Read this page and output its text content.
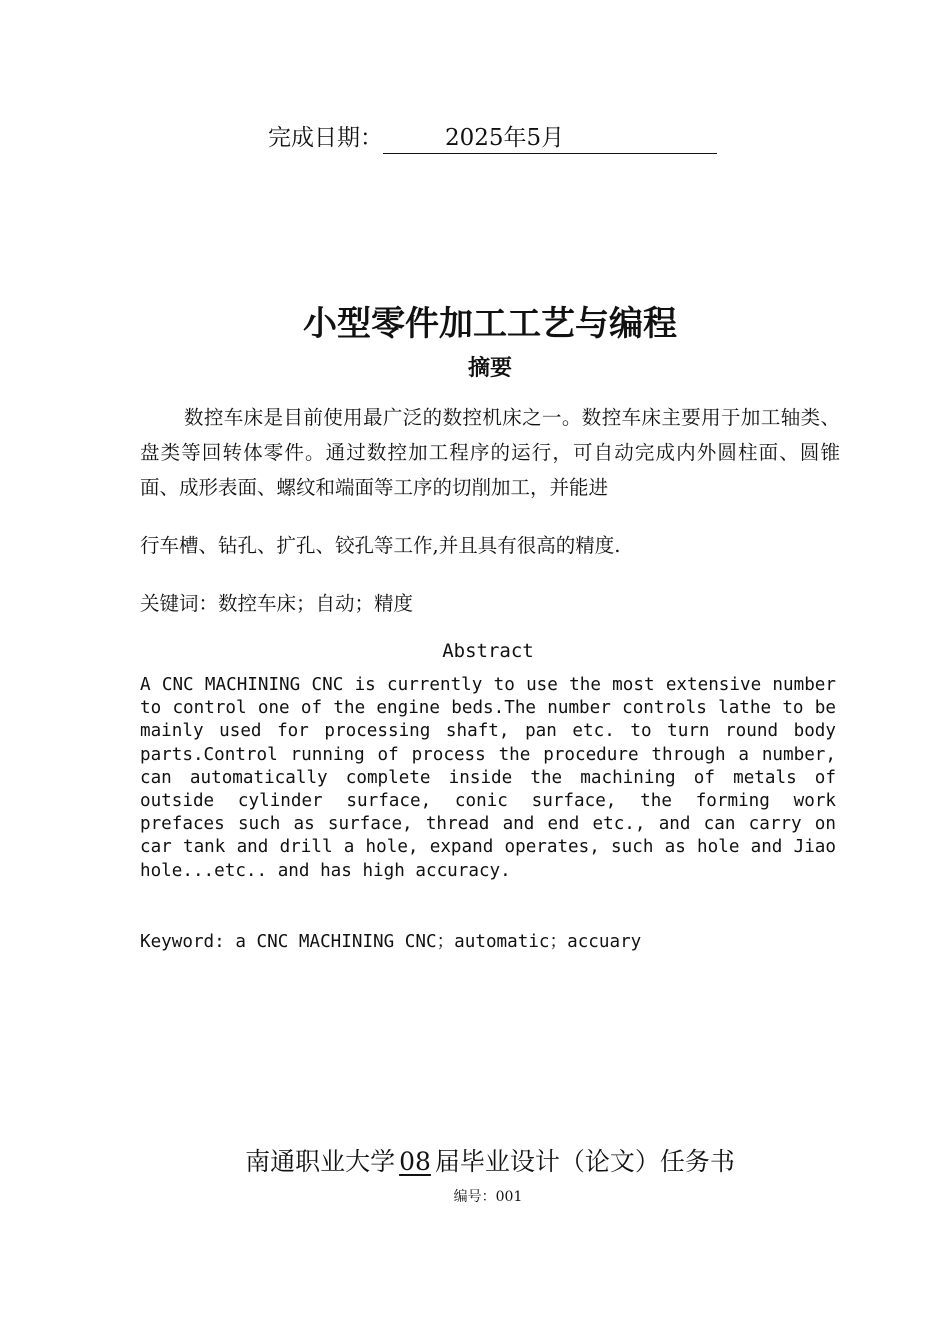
完成日期：	2025年5月
小型零件加工工艺与编程
摘要

数控车床是目前使用最广泛的数控机床之一。数控车床主要用于加工轴类、盘类等回转体零件。通过数控加工程序的运行，可自动完成内外圆柱面、圆锥面、成形表面、螺纹和端面等工序的切削加工，并能进

行车槽、钻孔、扩孔、铰孔等工作,并且具有很高的精度.
关键词：数控车床；自动；精度
Abstract

A CNC MACHINING CNC is currently to use the most extensive number to control one of the engine beds.The number controls lathe to be mainly used for processing shaft, pan etc. to turn round body parts.Control running of process the procedure through a number, can automatically complete inside the machining of metals of outside cylinder surface, conic surface, the forming work prefaces such as surface, thread and end etc., and can carry on car tank and drill a hole, expand operates, such as hole and Jiao hole...etc.. and has high accuracy.

Keyword: a CNC MACHINING CNC；automatic；accuary
南通职业大学 08 届毕业设计（论文）任务书
编号：001
